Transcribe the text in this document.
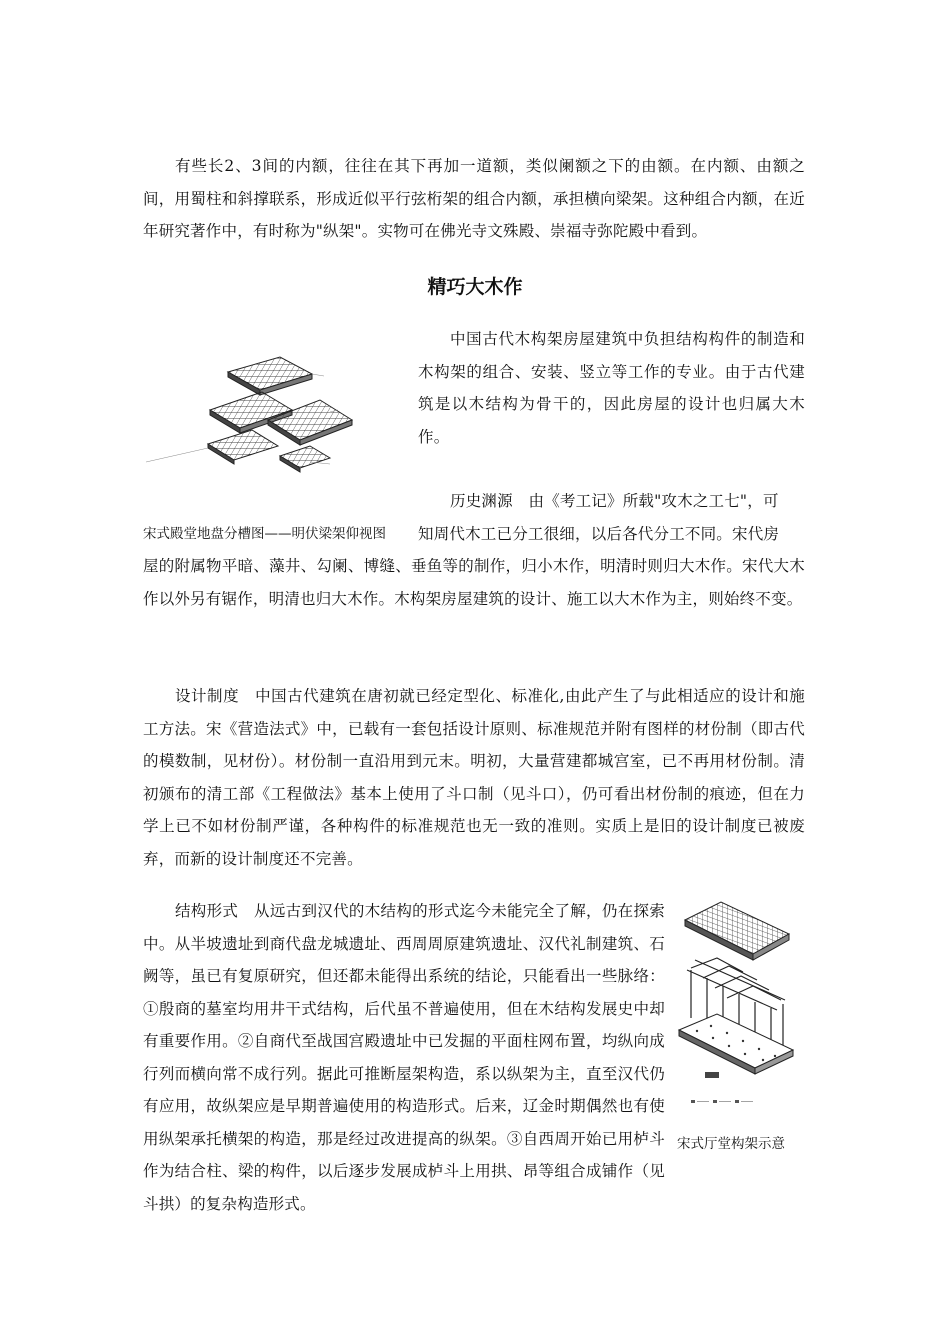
有些长2、3间的内额，往往在其下再加一道额，类似阑额之下的由额。在内额、由额之间，用蜀柱和斜撑联系，形成近似平行弦桁架的组合内额，承担横向梁架。这种组合内额，在近年研究著作中，有时称为"纵架"。实物可在佛光寺文殊殿、崇福寺弥陀殿中看到。

精巧大木作

宋式殿堂地盘分槽图——明伏梁架仰视图

中国古代木构架房屋建筑中负担结构构件的制造和木构架的组合、安装、竖立等工作的专业。由于古代建筑是以木结构为骨干的，因此房屋的设计也归属大木作。

历史渊源　由《考工记》所载"攻木之工七"，可

知周代木工已分工很细，以后各代分工不同。宋代房

屋的附属物平暗、藻井、勾阑、博缝、垂鱼等的制作，归小木作，明清时则归大木作。宋代大木作以外另有锯作，明清也归大木作。木构架房屋建筑的设计、施工以大木作为主，则始终不变。

设计制度　中国古代建筑在唐初就已经定型化、标准化,由此产生了与此相适应的设计和施工方法。宋《营造法式》中，已载有一套包括设计原则、标准规范并附有图样的材份制（即古代的模数制，见材份）。材份制一直沿用到元末。明初，大量营建都城宫室，已不再用材份制。清初颁布的清工部《工程做法》基本上使用了斗口制（见斗口），仍可看出材份制的痕迹，但在力学上已不如材份制严谨，各种构件的标准规范也无一致的准则。实质上是旧的设计制度已被废弃，而新的设计制度还不完善。

结构形式　从远古到汉代的木结构的形式迄今未能完全了解，仍在探索中。从半坡遗址到商代盘龙城遗址、西周周原建筑遗址、汉代礼制建筑、石阙等，虽已有复原研究，但还都未能得出系统的结论，只能看出一些脉络：①殷商的墓室均用井干式结构，后代虽不普遍使用，但在木结构发展史中却有重要作用。②自商代至战国宫殿遗址中已发掘的平面柱网布置，均纵向成行列而横向常不成行列。据此可推断屋架构造，系以纵架为主，直至汉代仍有应用，故纵架应是早期普遍使用的构造形式。后来，辽金时期偶然也有使用纵架承托横架的构造，那是经过改进提高的纵架。③自西周开始已用栌斗作为结合柱、梁的构件，以后逐步发展成栌斗上用拱、昂等组合成铺作（见斗拱）的复杂构造形式。

宋式厅堂构架示意
